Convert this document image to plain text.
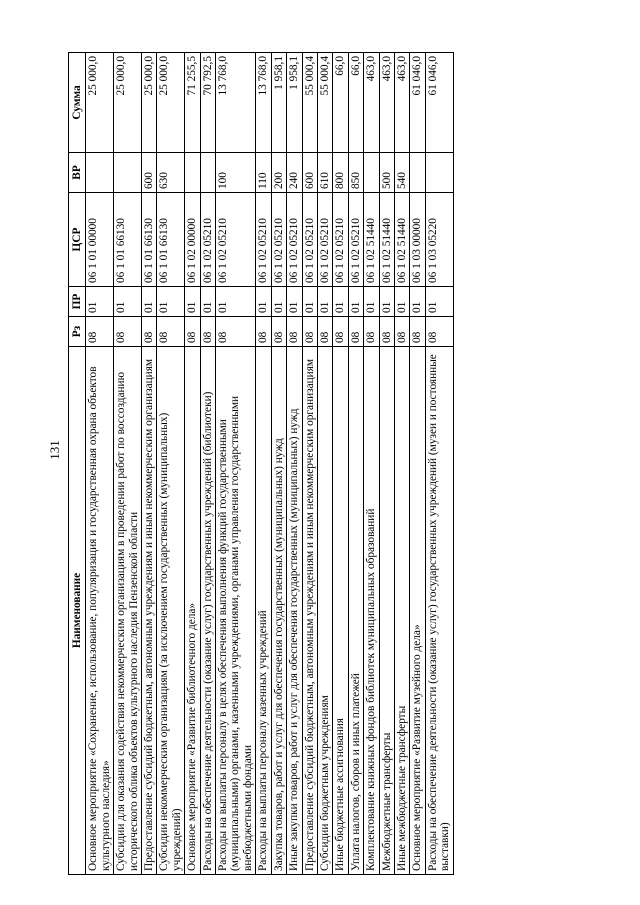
131
Наименование	Рз	ПР	ЦСР	ВР	Сумма
Основное мероприятие «Сохранение, использование, популяризация и государственная охрана объектов культурного наследия»	08	01	06 1 01 00000		25 000,0
Субсидии для оказания содействия некоммерческим организациям в проведении работ по воссозданию исторического облика объектов культурного наследия Пензенской области	08	01	06 1 01 66130		25 000,0
Предоставление субсидий бюджетным, автономным учреждениям и иным некоммерческим организациям	08	01	06 1 01 66130	600	25 000,0
Субсидии некоммерческим организациям (за исключением государственных (муниципальных) учреждений)	08	01	06 1 01 66130	630	25 000,0
Основное мероприятие «Развитие библиотечного дела»	08	01	06 1 02 00000		71 255,5
Расходы на обеспечение деятельности (оказание услуг) государственных учреждений (библиотеки)	08	01	06 1 02 05210		70 792,5
Расходы на выплаты персоналу в целях обеспечения выполнения функций государственными (муниципальными) органами, казенными учреждениями, органами управления государственными внебюджетными фондами	08	01	06 1 02 05210	100	13 768,0
Расходы на выплаты персоналу казенных учреждений	08	01	06 1 02 05210	110	13 768,0
Закупка товаров, работ и услуг для обеспечения государственных (муниципальных) нужд	08	01	06 1 02 05210	200	1 958,1
Иные закупки товаров, работ и услуг для обеспечения государственных (муниципальных) нужд	08	01	06 1 02 05210	240	1 958,1
Предоставление субсидий бюджетным, автономным учреждениям и иным некоммерческим организациям	08	01	06 1 02 05210	600	55 000,4
Субсидии бюджетным учреждениям	08	01	06 1 02 05210	610	55 000,4
Иные бюджетные ассигнования	08	01	06 1 02 05210	800	66,0
Уплата налогов, сборов и иных платежей	08	01	06 1 02 05210	850	66,0
Комплектование книжных фондов библиотек муниципальных образований	08	01	06 1 02 51440		463,0
Межбюджетные трансферты	08	01	06 1 02 51440	500	463,0
Иные межбюджетные трансферты	08	01	06 1 02 51440	540	463,0
Основное мероприятие «Развитие музейного дела»	08	01	06 1 03 00000		61 046,0
Расходы на обеспечение деятельности (оказание услуг) государственных учреждений (музеи и постоянные выставки)	08	01	06 1 03 05220		61 046,0
